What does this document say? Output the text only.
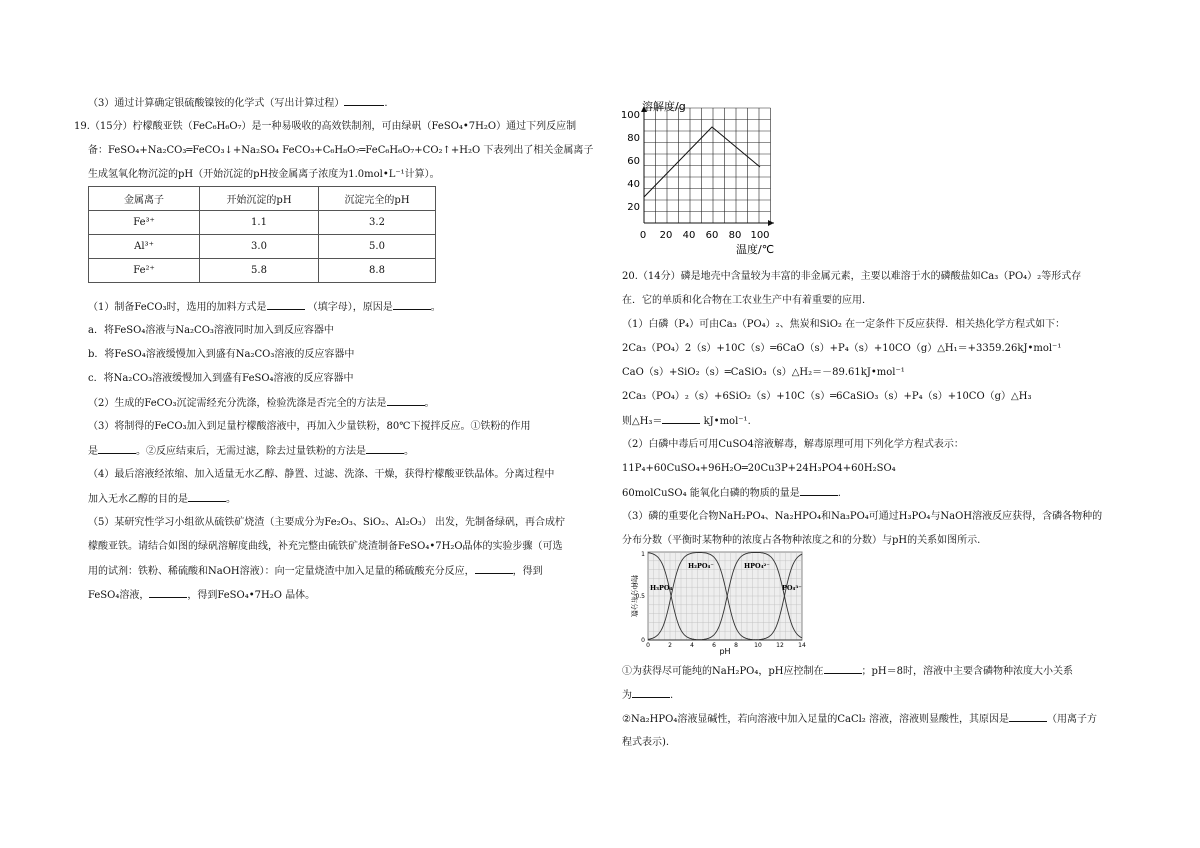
（3）通过计算确定银硫酸镍铵的化学式（写出计算过程）	.
19.（15分）柠檬酸亚铁（FeC₆H₆O₇）是一种易吸收的高效铁制剂，可由绿矾（FeSO₄•7H₂O）通过下列反应制
备：FeSO₄+Na₂CO₃═FeCO₃↓+Na₂SO₄ FeCO₃+C₆H₈O₇═FeC₆H₆O₇+CO₂↑+H₂O 下表列出了相关金属离子
生成氢氧化物沉淀的pH（开始沉淀的pH按金属离子浓度为1.0mol•L⁻¹计算）。
金属离子	开始沉淀的pH	沉淀完全的pH
Fe³⁺	1.1	3.2
Al³⁺	3.0	5.0
Fe²⁺	5.8	8.8
（1）制备FeCO₃时，选用的加料方式是	（填字母），原因是	。
a．将FeSO₄溶液与Na₂CO₃溶液同时加入到反应容器中
b．将FeSO₄溶液缓慢加入到盛有Na₂CO₃溶液的反应容器中
c．将Na₂CO₃溶液缓慢加入到盛有FeSO₄溶液的反应容器中
（2）生成的FeCO₃沉淀需经充分洗涤，检验洗涤是否完全的方法是	。
（3）将制得的FeCO₃加入到足量柠檬酸溶液中，再加入少量铁粉，80℃下搅拌反应。①铁粉的作用
是	。②反应结束后，无需过滤，除去过量铁粉的方法是	。
（4）最后溶液经浓缩、加入适量无水乙醇、静置、过滤、洗涤、干燥，获得柠檬酸亚铁晶体。分离过程中
加入无水乙醇的目的是	。
（5）某研究性学习小组欲从硫铁矿烧渣（主要成分为Fe₂O₃、SiO₂、Al₂O₃） 出发，先制备绿矾，再合成柠
檬酸亚铁。请结合如图的绿矾溶解度曲线，补充完整由硫铁矿烧渣制备FeSO₄•7H₂O晶体的实验步骤（可选
用的试剂：铁粉、稀硫酸和NaOH溶液）：向一定量烧渣中加入足量的稀硫酸充分反应，	，得到
FeSO₄溶液，	，得到FeSO₄•7H₂O 晶体。
溶解度/g
温度/℃
0 20 40 60 80 100
20
40
60
80
100
20.（14分）磷是地壳中含量较为丰富的非金属元素，主要以难溶于水的磷酸盐如Ca₃（PO₄）₂等形式存
在．它的单质和化合物在工农业生产中有着重要的应用．
（1）白磷（P₄）可由Ca₃（PO₄）₂、焦炭和SiO₂ 在一定条件下反应获得．相关热化学方程式如下：
2Ca₃（PO₄）2（s）+10C（s）═6CaO（s）+P₄（s）+10CO（g）△H₁＝+3359.26kJ•mol⁻¹
CaO（s）+SiO₂（s）═CaSiO₃（s）△H₂＝－89.61kJ•mol⁻¹
2Ca₃（PO₄）₂（s）+6SiO₂（s）+10C（s）═6CaSiO₃（s）+P₄（s）+10CO（g）△H₃
则△H₃＝	kJ•mol⁻¹.
（2）白磷中毒后可用CuSO4溶液解毒，解毒原理可用下列化学方程式表示：
11P₄+60CuSO₄+96H₂O═20Cu3P+24H₃PO4+60H₂SO₄
60molCuSO₄ 能氧化白磷的物质的量是	.
（3）磷的重要化合物NaH₂PO₄、Na₂HPO₄和Na₃PO₄可通过H₃PO₄与NaOH溶液反应获得，含磷各物种的
分布分数（平衡时某物种的浓度占各物种浓度之和的分数）与pH的关系如图所示.
①为获得尽可能纯的NaH₂PO₄，pH应控制在	；pH＝8时，溶液中主要含磷物种浓度大小关系
为	.
②Na₂HPO₄溶液显碱性，若向溶液中加入足量的CaCl₂ 溶液，溶液则显酸性，其原因是	（用离子方
程式表示).
物种分布分数
pH
0	2	4	6	8	10 12 14
0
0.5
1
H₃PO₄
H₂PO₄⁻	HPO₄²⁻
PO₄³⁻
